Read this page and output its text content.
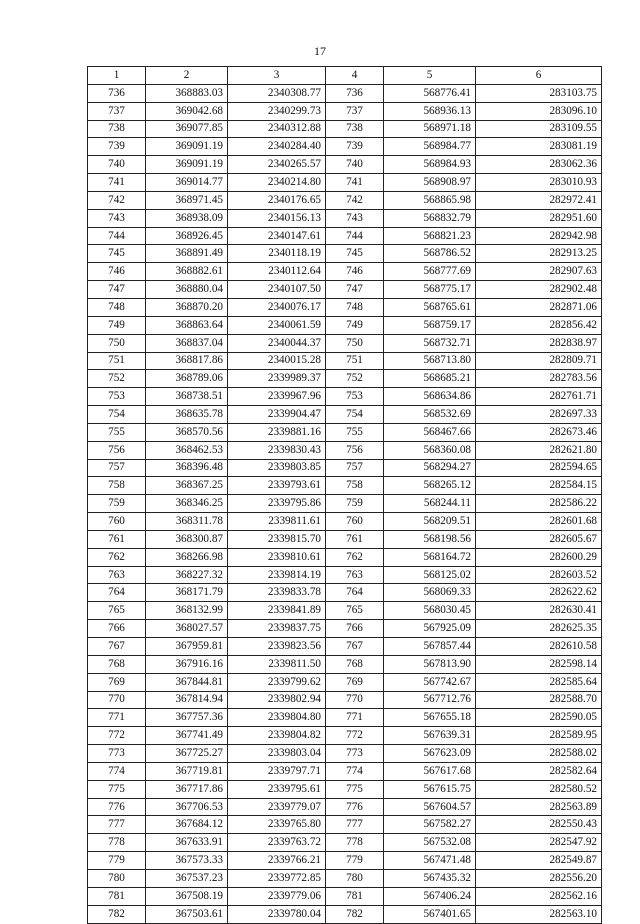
17
1	2	3	4	5	6
736	368883.03	2340308.77	736	568776.41	283103.75
737	369042.68	2340299.73	737	568936.13	283096.10
738	369077.85	2340312.88	738	568971.18	283109.55
739	369091.19	2340284.40	739	568984.77	283081.19
740	369091.19	2340265.57	740	568984.93	283062.36
741	369014.77	2340214.80	741	568908.97	283010.93
742	368971.45	2340176.65	742	568865.98	282972.41
743	368938.09	2340156.13	743	568832.79	282951.60
744	368926.45	2340147.61	744	568821.23	282942.98
745	368891.49	2340118.19	745	568786.52	282913.25
746	368882.61	2340112.64	746	568777.69	282907.63
747	368880.04	2340107.50	747	568775.17	282902.48
748	368870.20	2340076.17	748	568765.61	282871.06
749	368863.64	2340061.59	749	568759.17	282856.42
750	368837.04	2340044.37	750	568732.71	282838.97
751	368817.86	2340015.28	751	568713.80	282809.71
752	368789.06	2339989.37	752	568685.21	282783.56
753	368738.51	2339967.96	753	568634.86	282761.71
754	368635.78	2339904.47	754	568532.69	282697.33
755	368570.56	2339881.16	755	568467.66	282673.46
756	368462.53	2339830.43	756	568360.08	282621.80
757	368396.48	2339803.85	757	568294.27	282594.65
758	368367.25	2339793.61	758	568265.12	282584.15
759	368346.25	2339795.86	759	568244.11	282586.22
760	368311.78	2339811.61	760	568209.51	282601.68
761	368300.87	2339815.70	761	568198.56	282605.67
762	368266.98	2339810.61	762	568164.72	282600.29
763	368227.32	2339814.19	763	568125.02	282603.52
764	368171.79	2339833.78	764	568069.33	282622.62
765	368132.99	2339841.89	765	568030.45	282630.41
766	368027.57	2339837.75	766	567925.09	282625.35
767	367959.81	2339823.56	767	567857.44	282610.58
768	367916.16	2339811.50	768	567813.90	282598.14
769	367844.81	2339799.62	769	567742.67	282585.64
770	367814.94	2339802.94	770	567712.76	282588.70
771	367757.36	2339804.80	771	567655.18	282590.05
772	367741.49	2339804.82	772	567639.31	282589.95
773	367725.27	2339803.04	773	567623.09	282588.02
774	367719.81	2339797.71	774	567617.68	282582.64
775	367717.86	2339795.61	775	567615.75	282580.52
776	367706.53	2339779.07	776	567604.57	282563.89
777	367684.12	2339765.80	777	567582.27	282550.43
778	367633.91	2339763.72	778	567532.08	282547.92
779	367573.33	2339766.21	779	567471.48	282549.87
780	367537.23	2339772.85	780	567435.32	282556.20
781	367508.19	2339779.06	781	567406.24	282562.16
782	367503.61	2339780.04	782	567401.65	282563.10
